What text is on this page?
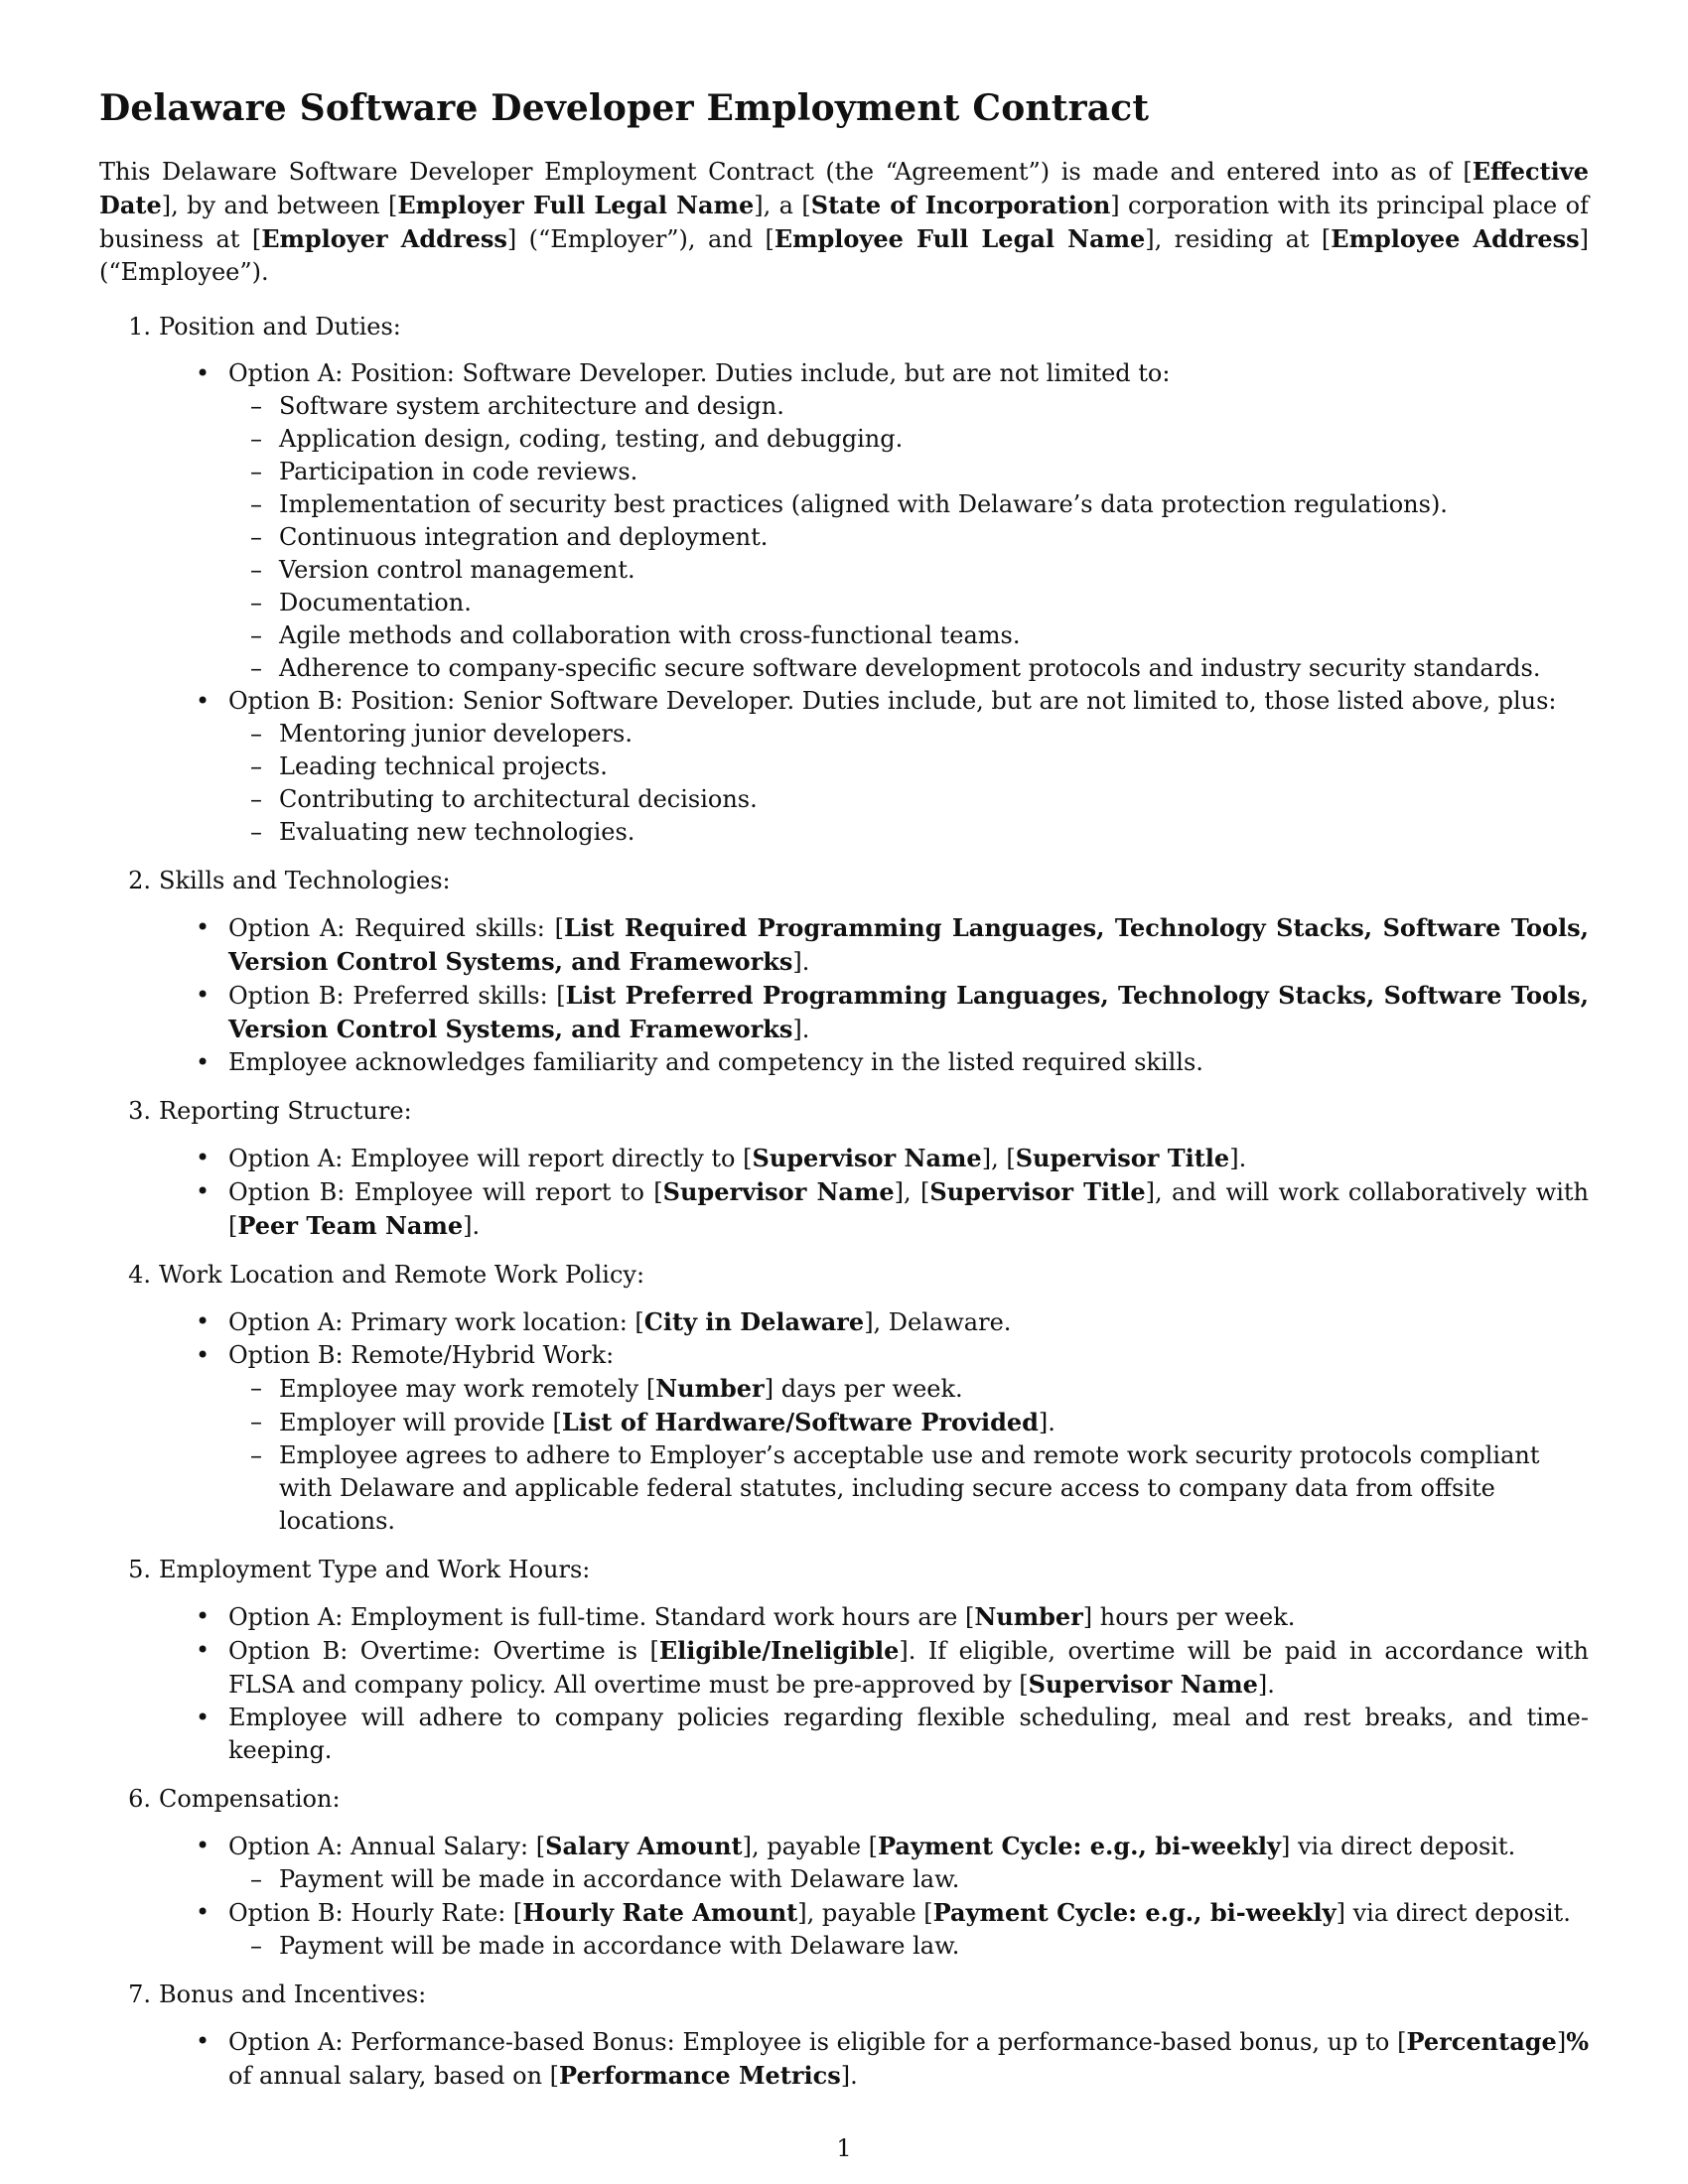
Delaware Software Developer Employment Contract

This Delaware Software Developer Employment Contract (the “Agreement”) is made and entered into as of [Effective Date], by and between [Employer Full Legal Name], a [State of Incorporation] corporation with its principal place of business at [Employer Address] (“Employer”), and [Employee Full Legal Name], residing at [Employee Address] (“Employee”).

1. Position and Duties:
• Option A: Position: Software Developer. Duties include, but are not limited to:
– Software system architecture and design.
– Application design, coding, testing, and debugging.
– Participation in code reviews.
– Implementation of security best practices (aligned with Delaware’s data protection regulations).
– Continuous integration and deployment.
– Version control management.
– Documentation.
– Agile methods and collaboration with cross-functional teams.
– Adherence to company-specific secure software development protocols and industry security standards.
• Option B: Position: Senior Software Developer. Duties include, but are not limited to, those listed above, plus:
– Mentoring junior developers.
– Leading technical projects.
– Contributing to architectural decisions.
– Evaluating new technologies.
2. Skills and Technologies:
• Option A: Required skills: [List Required Programming Languages, Technology Stacks, Software Tools, Version Control Systems, and Frameworks].
• Option B: Preferred skills: [List Preferred Programming Languages, Technology Stacks, Software Tools, Version Control Systems, and Frameworks].
• Employee acknowledges familiarity and competency in the listed required skills.
3. Reporting Structure:
• Option A: Employee will report directly to [Supervisor Name], [Supervisor Title].
• Option B: Employee will report to [Supervisor Name], [Supervisor Title], and will work collaboratively with [Peer Team Name].
4. Work Location and Remote Work Policy:
• Option A: Primary work location: [City in Delaware], Delaware.
• Option B: Remote/Hybrid Work:
– Employee may work remotely [Number] days per week.
– Employer will provide [List of Hardware/Software Provided].
– Employee agrees to adhere to Employer’s acceptable use and remote work security protocols compliant with Delaware and applicable federal statutes, including secure access to company data from offsite locations.
5. Employment Type and Work Hours:
• Option A: Employment is full-time. Standard work hours are [Number] hours per week.
• Option B: Overtime: Overtime is [Eligible/Ineligible]. If eligible, overtime will be paid in accordance with FLSA and company policy. All overtime must be pre-approved by [Supervisor Name].
• Employee will adhere to company policies regarding flexible scheduling, meal and rest breaks, and time-keeping.
6. Compensation:
• Option A: Annual Salary: [Salary Amount], payable [Payment Cycle: e.g., bi-weekly] via direct deposit.
– Payment will be made in accordance with Delaware law.
• Option B: Hourly Rate: [Hourly Rate Amount], payable [Payment Cycle: e.g., bi-weekly] via direct deposit.
– Payment will be made in accordance with Delaware law.
7. Bonus and Incentives:
• Option A: Performance-based Bonus: Employee is eligible for a performance-based bonus, up to [Percentage]% of annual salary, based on [Performance Metrics].
1
